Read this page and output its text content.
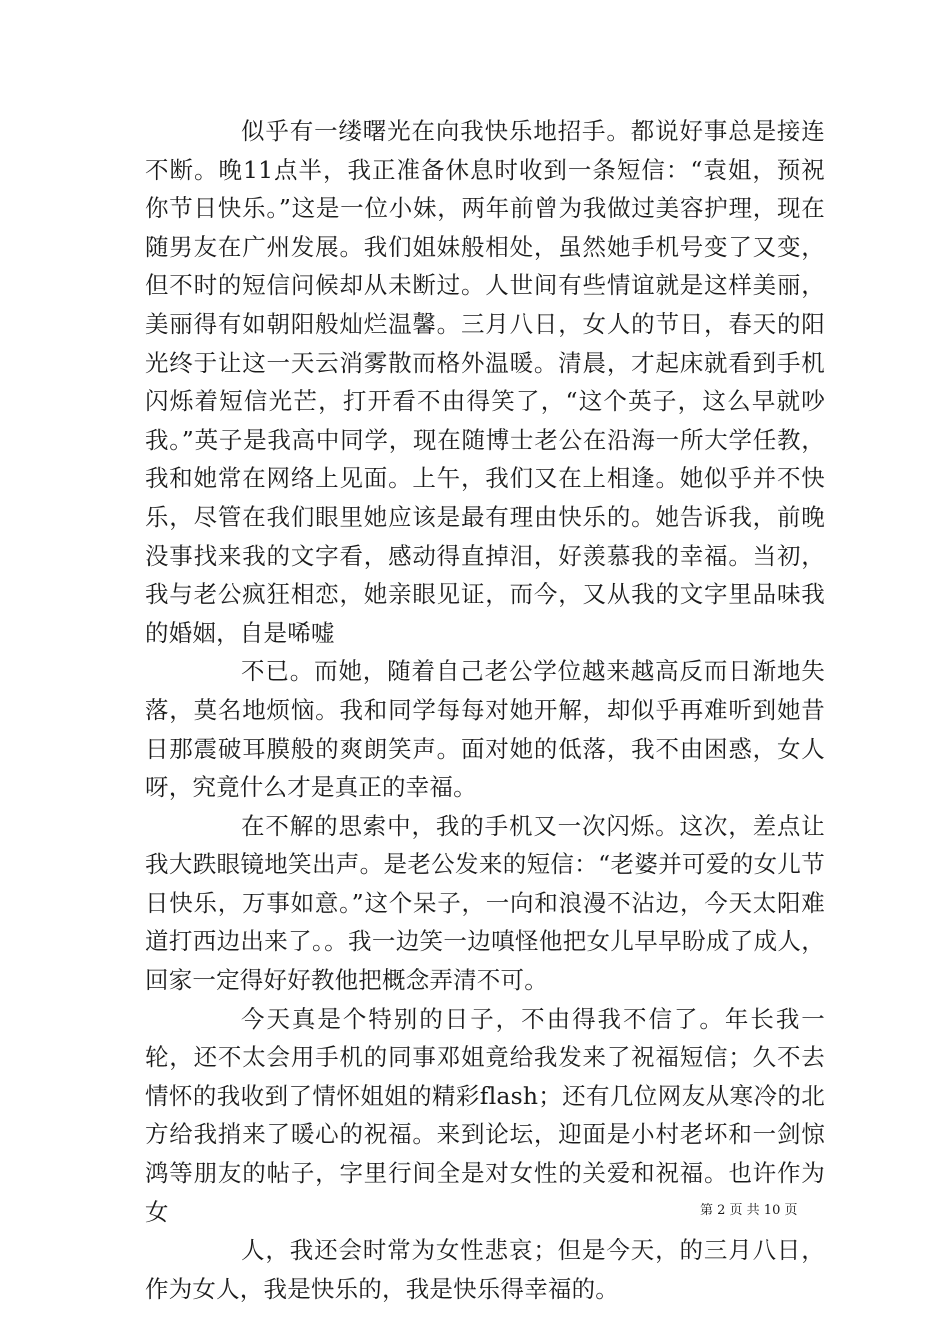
似乎有一缕曙光在向我快乐地招手。都说好事总是接连不断。晚11点半，我正准备休息时收到一条短信：“袁姐，预祝你节日快乐。”这是一位小妹，两年前曾为我做过美容护理，现在随男友在广州发展。我们姐妹般相处，虽然她手机号变了又变，但不时的短信问候却从未断过。人世间有些情谊就是这样美丽，美丽得有如朝阳般灿烂温馨。三月八日，女人的节日，春天的阳光终于让这一天云消雾散而格外温暖。清晨，才起床就看到手机闪烁着短信光芒，打开看不由得笑了，“这个英子，这么早就吵我。”英子是我高中同学，现在随博士老公在沿海一所大学任教，我和她常在网络上见面。上午，我们又在上相逢。她似乎并不快乐，尽管在我们眼里她应该是最有理由快乐的。她告诉我，前晚没事找来我的文字看，感动得直掉泪，好羡慕我的幸福。当初，我与老公疯狂相恋，她亲眼见证，而今，又从我的文字里品味我的婚姻，自是唏嘘

不已。而她，随着自己老公学位越来越高反而日渐地失落，莫名地烦恼。我和同学每每对她开解，却似乎再难听到她昔日那震破耳膜般的爽朗笑声。面对她的低落，我不由困惑，女人呀，究竟什么才是真正的幸福。

在不解的思索中，我的手机又一次闪烁。这次，差点让我大跌眼镜地笑出声。是老公发来的短信：“老婆并可爱的女儿节日快乐，万事如意。”这个呆子，一向和浪漫不沾边，今天太阳难道打西边出来了。。我一边笑一边嗔怪他把女儿早早盼成了成人，回家一定得好好教他把概念弄清不可。

今天真是个特别的日子，不由得我不信了。年长我一轮，还不太会用手机的同事邓姐竟给我发来了祝福短信；久不去情怀的我收到了情怀姐姐的精彩flash；还有几位网友从寒冷的北方给我捎来了暖心的祝福。来到论坛，迎面是小村老坏和一剑惊鸿等朋友的帖子，字里行间全是对女性的关爱和祝福。也许作为女

人，我还会时常为女性悲哀；但是今天，的三月八日，作为女人，我是快乐的，我是快乐得幸福的。

第 2 页 共 10 页
